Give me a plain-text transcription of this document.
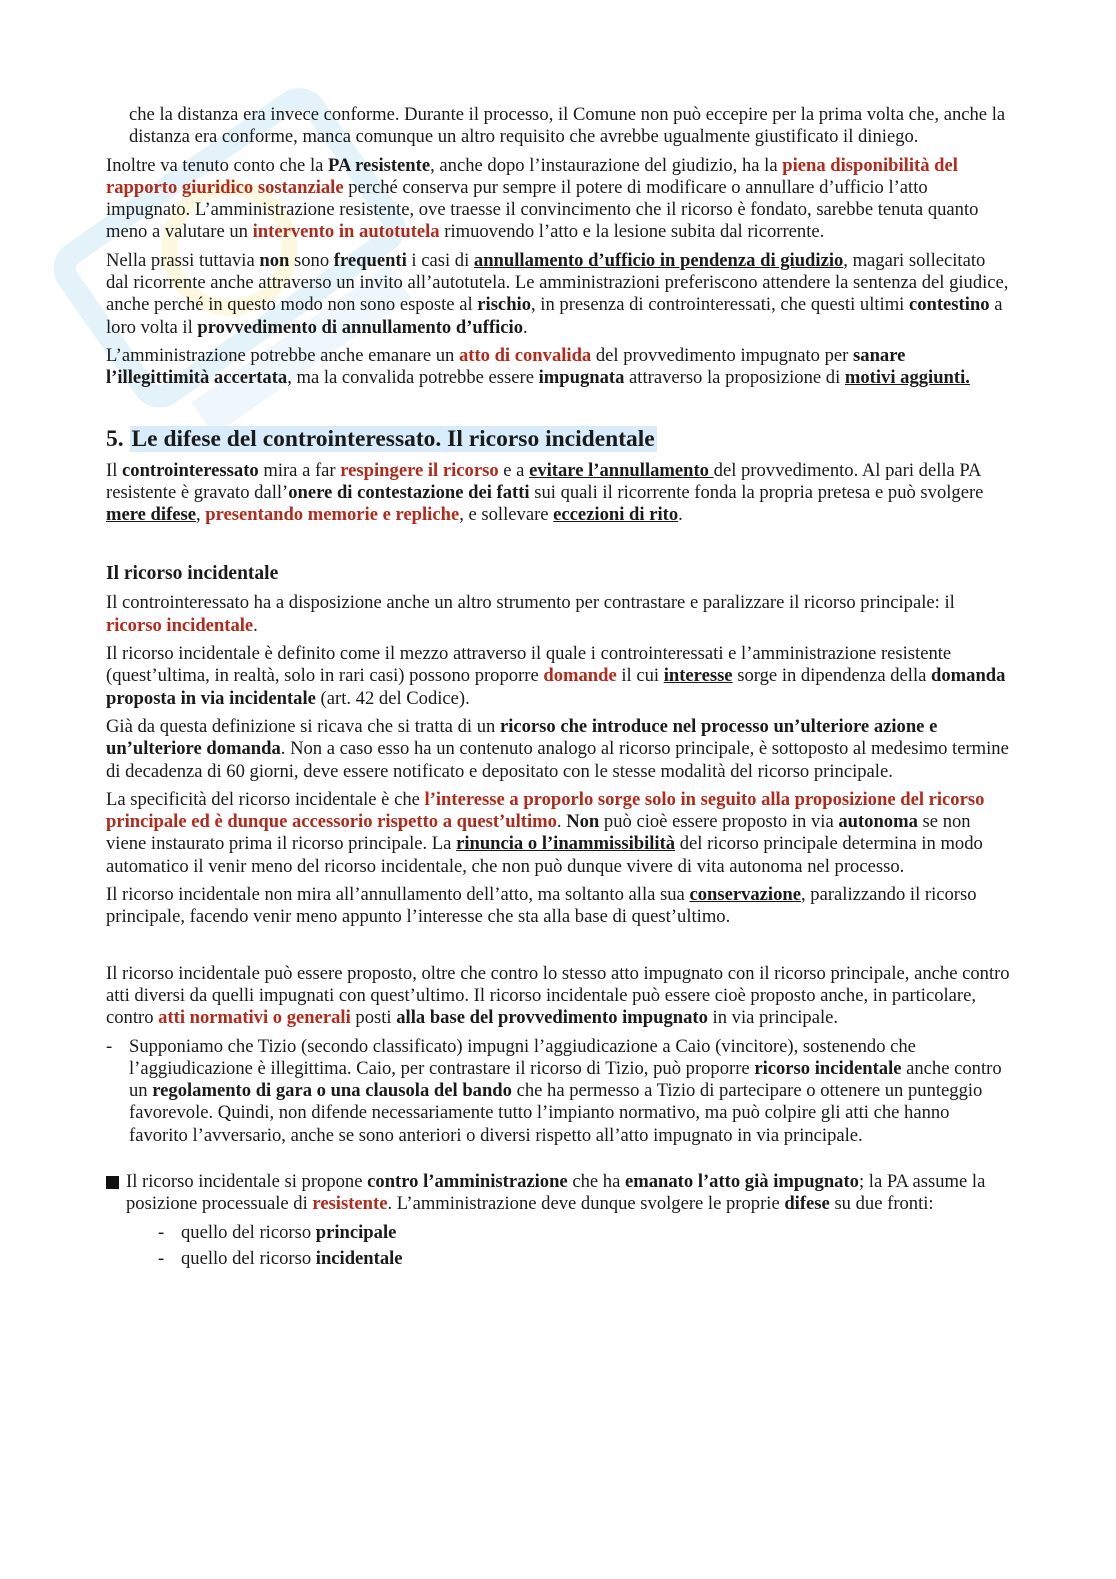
che la distanza era invece conforme. Durante il processo, il Comune non può eccepire per la prima volta che, anche la distanza era conforme, manca comunque un altro requisito che avrebbe ugualmente giustificato il diniego.

Inoltre va tenuto conto che la PA resistente, anche dopo l’instaurazione del giudizio, ha la piena disponibilità del rapporto giuridico sostanziale perché conserva pur sempre il potere di modificare o annullare d’ufficio l’atto impugnato. L’amministrazione resistente, ove traesse il convincimento che il ricorso è fondato, sarebbe tenuta quanto meno a valutare un intervento in autotutela rimuovendo l’atto e la lesione subita dal ricorrente.

Nella prassi tuttavia non sono frequenti i casi di annullamento d’ufficio in pendenza di giudizio, magari sollecitato dal ricorrente anche attraverso un invito all’autotutela. Le amministrazioni preferiscono attendere la sentenza del giudice, anche perché in questo modo non sono esposte al rischio, in presenza di controinteressati, che questi ultimi contestino a loro volta il provvedimento di annullamento d’ufficio.

L’amministrazione potrebbe anche emanare un atto di convalida del provvedimento impugnato per sanare l’illegittimità accertata, ma la convalida potrebbe essere impugnata attraverso la proposizione di motivi aggiunti.

5. Le difese del controinteressato. Il ricorso incidentale

Il controinteressato mira a far respingere il ricorso e a evitare l’annullamento del provvedimento. Al pari della PA resistente è gravato dall’onere di contestazione dei fatti sui quali il ricorrente fonda la propria pretesa e può svolgere mere difese, presentando memorie e repliche, e sollevare eccezioni di rito.

Il ricorso incidentale

Il controinteressato ha a disposizione anche un altro strumento per contrastare e paralizzare il ricorso principale: il ricorso incidentale.

Il ricorso incidentale è definito come il mezzo attraverso il quale i controinteressati e l’amministrazione resistente (quest’ultima, in realtà, solo in rari casi) possono proporre domande il cui interesse sorge in dipendenza della domanda proposta in via incidentale (art. 42 del Codice).

Già da questa definizione si ricava che si tratta di un ricorso che introduce nel processo un’ulteriore azione e un’ulteriore domanda. Non a caso esso ha un contenuto analogo al ricorso principale, è sottoposto al medesimo termine di decadenza di 60 giorni, deve essere notificato e depositato con le stesse modalità del ricorso principale.

La specificità del ricorso incidentale è che l’interesse a proporlo sorge solo in seguito alla proposizione del ricorso principale ed è dunque accessorio rispetto a quest’ultimo. Non può cioè essere proposto in via autonoma se non viene instaurato prima il ricorso principale. La rinuncia o l’inammissibilità del ricorso principale determina in modo automatico il venir meno del ricorso incidentale, che non può dunque vivere di vita autonoma nel processo.

Il ricorso incidentale non mira all’annullamento dell’atto, ma soltanto alla sua conservazione, paralizzando il ricorso principale, facendo venir meno appunto l’interesse che sta alla base di quest’ultimo.

Il ricorso incidentale può essere proposto, oltre che contro lo stesso atto impugnato con il ricorso principale, anche contro atti diversi da quelli impugnati con quest’ultimo. Il ricorso incidentale può essere cioè proposto anche, in particolare, contro atti normativi o generali posti alla base del provvedimento impugnato in via principale.

- Supponiamo che Tizio (secondo classificato) impugni l’aggiudicazione a Caio (vincitore), sostenendo che l’aggiudicazione è illegittima. Caio, per contrastare il ricorso di Tizio, può proporre ricorso incidentale anche contro un regolamento di gara o una clausola del bando che ha permesso a Tizio di partecipare o ottenere un punteggio favorevole. Quindi, non difende necessariamente tutto l’impianto normativo, ma può colpire gli atti che hanno favorito l’avversario, anche se sono anteriori o diversi rispetto all’atto impugnato in via principale.
Il ricorso incidentale si propone contro l’amministrazione che ha emanato l’atto già impugnato; la PA assume la posizione processuale di resistente. L’amministrazione deve dunque svolgere le proprie difese su due fronti:
- quello del ricorso principale
- quello del ricorso incidentale
